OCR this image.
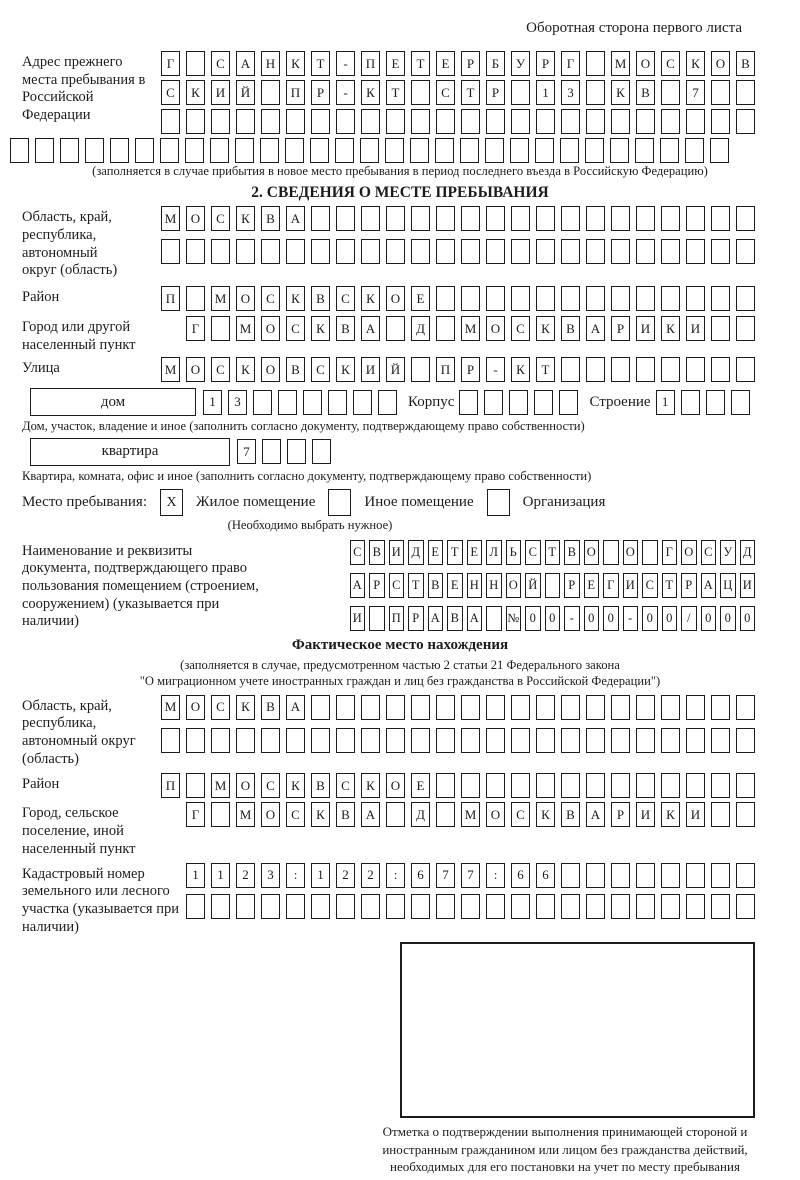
Оборотная сторона первого листа
Адрес прежнего места пребывания в Российской Федерации
Г	С	А	Н	К	Т	-	П	Е	Т	Е	Р	Б	У	Р	Г	М	О	С	К	О	В
С	К	И	Й	П	Р	-	К	Т	С	Т	Р	1	3	К	В	7
(заполняется в случае прибытия в новое место пребывания в период последнего въезда в Российскую Федерацию)
2. СВЕДЕНИЯ О МЕСТЕ ПРЕБЫВАНИЯ
Область, край, республика, автономный округ (область)
М	О	С	К	В	А
Район	П	М	О	С	К	В	С	К	О	Е
Город или другой населенный пункт
Г	М	О	С	К	В	А	Д	М	О	С	К	В	А	Р	И	К	И
Улица	М	О	С	К	О	В	С	К	И	Й	П	Р	-	К	Т
дом	1	3	Корпус	Строение 1
Дом, участок, владение и иное (заполнить согласно документу, подтверждающему право собственности)
квартира	7
Квартира, комната, офис и иное (заполнить согласно документу, подтверждающему право собственности)
Место пребывания:	X	Жилое помещение	Иное помещение	Организация
(Необходимо выбрать нужное)
Наименование и реквизиты документа, подтверждающего право пользования помещением (строением, сооружением) (указывается при наличии)
С В И Д Е Т Е Л Ь С Т В О О	Г О С У Д
А Р С Т В Е Н Н О Й	Р Е Г И С Т Р А Ц И
И П Р А В А № 0	0	-	0	0	-	0	0	/	0	0	0
Фактическое место нахождения
(заполняется в случае, предусмотренном частью 2 статьи 21 Федерального закона
"О миграционном учете иностранных граждан и лиц без гражданства в Российской Федерации")
Область, край, республика, автономный округ (область)
М	О	С	К	В	А
Район	П	М	О	С	К	В	С	К	О	Е
Город, сельское поселение, иной населенный пункт
Г	М	О	С	К	В	А	Д	М	О	С	К	В	А	Р	И	К	И
Кадастровый номер земельного или лесного участка (указывается при наличии)
1	1	2	3	:	1	2	2	:	6	7	7	:	6	6
Отметка о подтверждении выполнения принимающей стороной и иностранным гражданином или лицом без гражданства действий, необходимых для его постановки на учет по месту пребывания
